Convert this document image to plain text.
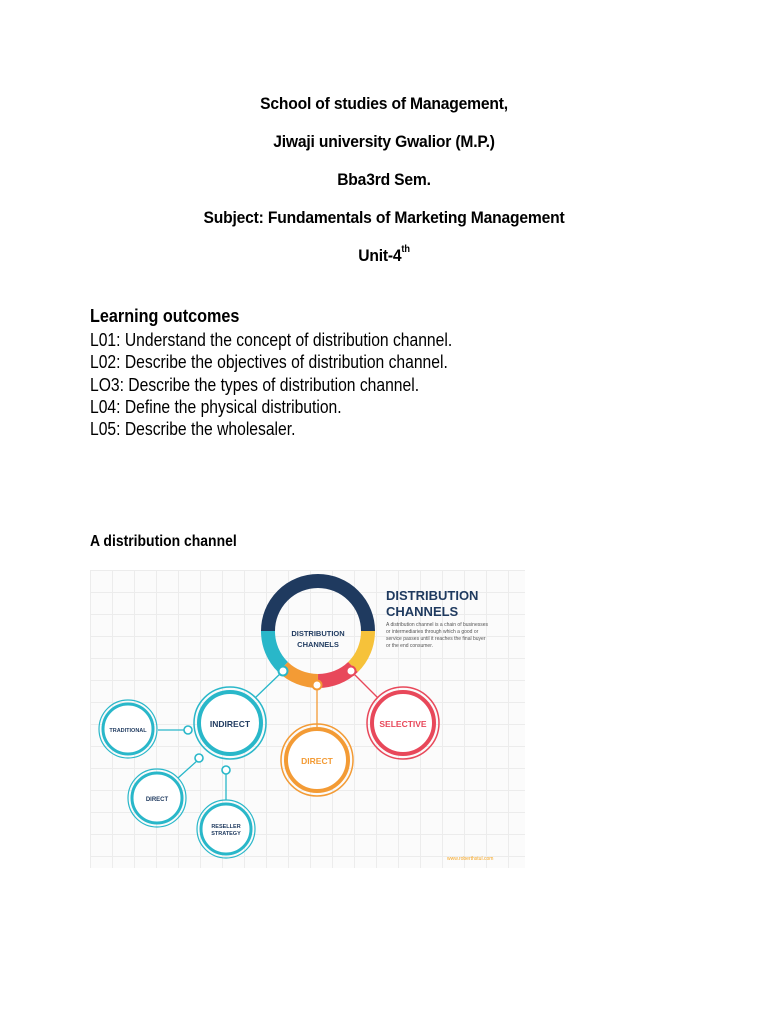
School of studies of Management,
Jiwaji university Gwalior (M.P.)
Bba3rd Sem.
Subject: Fundamentals of Marketing Management
Unit-4th
Learning outcomes
L01: Understand the concept of distribution channel.
L02: Describe the objectives of distribution channel.
LO3: Describe the types of distribution channel.
L04: Define the physical distribution.
L05: Describe the wholesaler.
A distribution channel
DISTRIBUTION
CHANNELS
DISTRIBUTION
CHANNELS
A distribution channel is a chain of businesses
or intermediaries through which a good or
service passes until it reaches the final buyer
or the end consumer.
INDIRECT
DIRECT
SELECTIVE
TRADITIONAL
DIRECT
RESELLER
STRATEGY
www.roberthstul.com
